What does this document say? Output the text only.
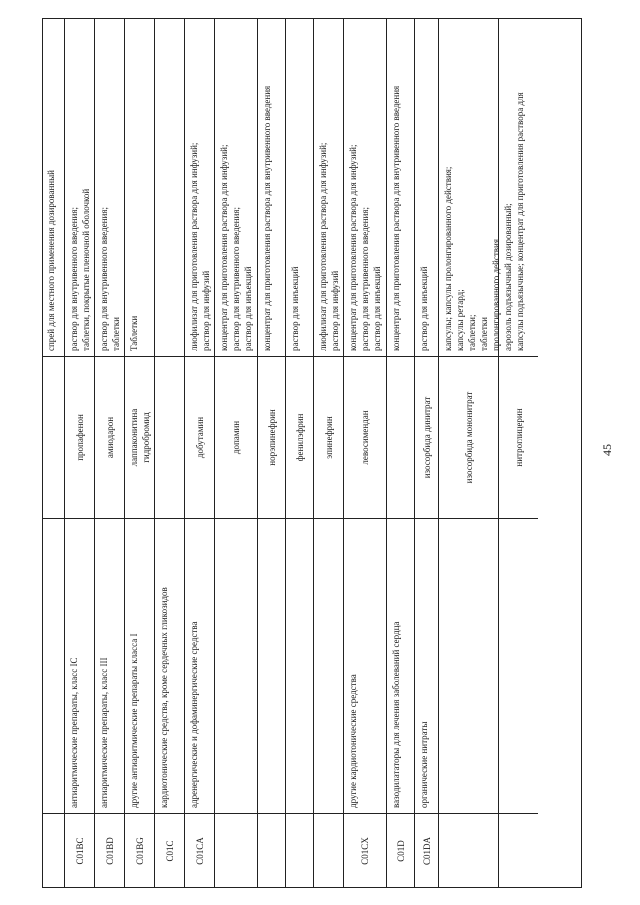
спрей для местного применения дозированный
C01BC
антиаритмические препараты, класс IC
пропафенон
раствор для внутривенного введения; таблетки, покрытые пленочной оболочкой
C01BD
антиаритмические препараты, класс III
амиодарон
раствор для внутривенного введения; таблетки
C01BG
другие антиаритмические препараты класса I
лаппаконитина гидробромид
Таблетки
C01C
кардиотонические средства, кроме сердечных гликозидов
C01CA
адренергические и дофаминергические средства
добутамин
лиофилизат для приготовления раствора для инфузий; раствор для инфузий
допамин
концентрат для приготовления раствора для инфузий; раствор для внутривенного введения; раствор для инъекций
норэпинефрин
концентрат для приготовления раствора для внутривенного введения
фенилэфрин
раствор для инъекций
эпинефрин
лиофилизат для приготовления раствора для инфузий; раствор для инфузий
C01CX
другие кардиотонические средства
левосимендан
концентрат для приготовления раствора для инфузий; раствор для внутривенного введения; раствор для инъекций
C01D
вазодилататоры для лечения заболеваний сердца
концентрат для приготовления раствора для внутривенного введения
C01DA
органические нитраты
изосорбида динитрат
раствор для инъекций
изосорбида мононитрат
капсулы; капсулы пролонгированного действия; капсулы ретард; таблетки; таблетки пролонгированного действия
нитроглицерин
аэрозоль подъязычный дозированный; капсулы подъязычные; концентрат для приготовления раствора для
45
